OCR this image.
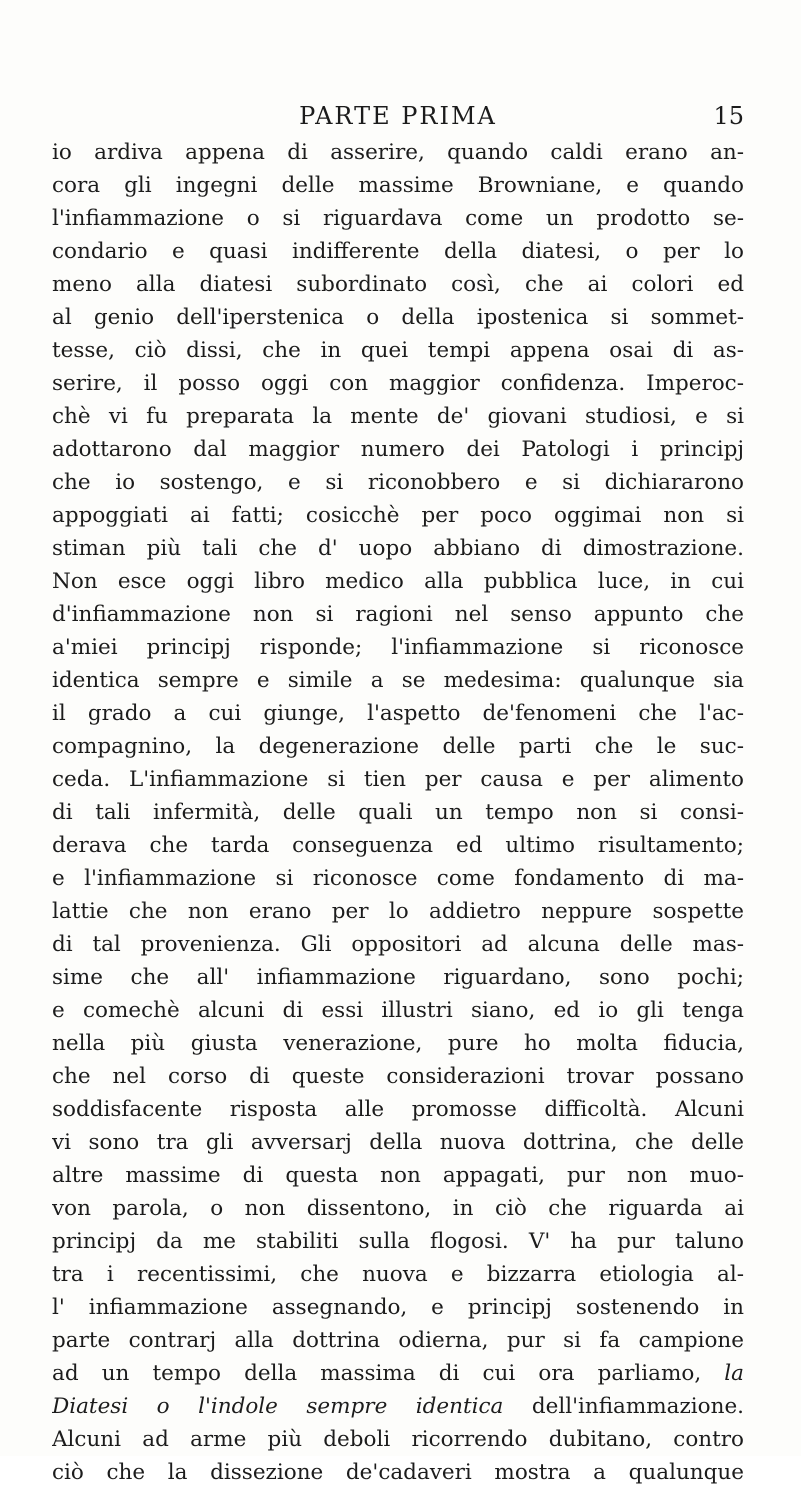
PARTE PRIMA	15
io ardiva appena di asserire, quando caldi erano an-
cora gli ingegni delle massime Browniane, e quando
l'infiammazione o si riguardava come un prodotto se-
condario e quasi indifferente della diatesi, o per lo
meno alla diatesi subordinato così, che ai colori ed
al genio dell'iperstenica o della ipostenica si sommet-
tesse, ciò dissi, che in quei tempi appena osai di as-
serire, il posso oggi con maggior confidenza. Imperoc-
chè vi fu preparata la mente de' giovani studiosi, e si
adottarono dal maggior numero dei Patologi i principj
che io sostengo, e si riconobbero e si dichiararono
appoggiati ai fatti; cosicchè per poco oggimai non si
stiman più tali che d' uopo abbiano di dimostrazione.
Non esce oggi libro medico alla pubblica luce, in cui
d'infiammazione non si ragioni nel senso appunto che
a'miei principj risponde; l'infiammazione si riconosce
identica sempre e simile a se medesima: qualunque sia
il grado a cui giunge, l'aspetto de'fenomeni che l'ac-
compagnino, la degenerazione delle parti che le suc-
ceda. L'infiammazione si tien per causa e per alimento
di tali infermità, delle quali un tempo non si consi-
derava che tarda conseguenza ed ultimo risultamento;
e l'infiammazione si riconosce come fondamento di ma-
lattie che non erano per lo addietro neppure sospette
di tal provenienza. Gli oppositori ad alcuna delle mas-
sime che all' infiammazione riguardano, sono pochi;
e comechè alcuni di essi illustri siano, ed io gli tenga
nella più giusta venerazione, pure ho molta fiducia,
che nel corso di queste considerazioni trovar possano
soddisfacente risposta alle promosse difficoltà. Alcuni
vi sono tra gli avversarj della nuova dottrina, che delle
altre massime di questa non appagati, pur non muo-
von parola, o non dissentono, in ciò che riguarda ai
principj da me stabiliti sulla flogosi. V' ha pur taluno
tra i recentissimi, che nuova e bizzarra etiologia al-
l' infiammazione assegnando, e principj sostenendo in
parte contrarj alla dottrina odierna, pur si fa campione
ad un tempo della massima di cui ora parliamo, la
Diatesi o l'indole sempre identica dell'infiammazione.
Alcuni ad arme più deboli ricorrendo dubitano, contro
ciò che la dissezione de'cadaveri mostra a qualunque
